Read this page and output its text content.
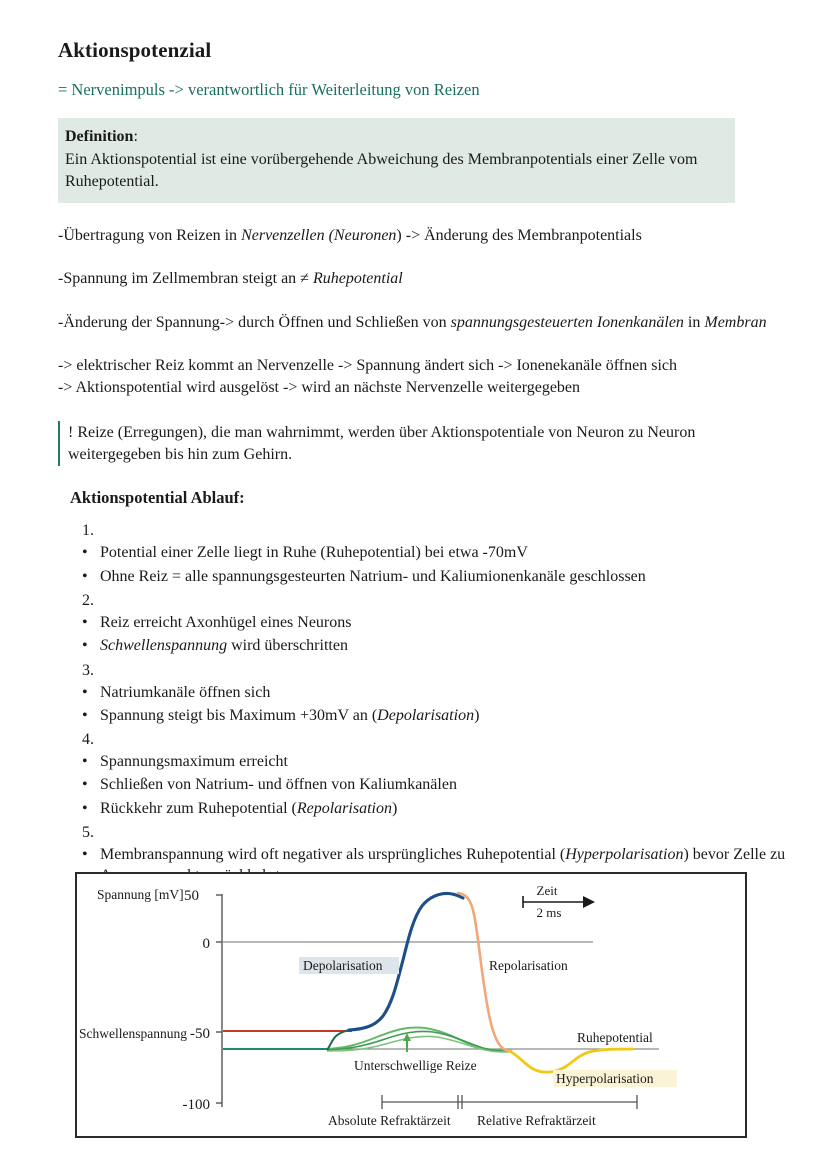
Aktionspotenzial

= Nervenimpuls -> verantwortlich für Weiterleitung von Reizen

Definition:
Ein Aktionspotential ist eine vorübergehende Abweichung des Membranpotentials einer Zelle vom Ruhepotential.

-Übertragung von Reizen in Nervenzellen (Neuronen) -> Änderung des Membranpotentials

-Spannung im Zellmembran steigt an ≠ Ruhepotential

-Änderung der Spannung-> durch Öffnen und Schließen von spannungsgesteuerten Ionenkanälen in Membran

-> elektrischer Reiz kommt an Nervenzelle -> Spannung ändert sich -> Ionenekanäle öffnen sich
-> Aktionspotential wird ausgelöst -> wird an nächste Nervenzelle weitergegeben

! Reize (Erregungen), die man wahrnimmt, werden über Aktionspotentiale von Neuron zu Neuron weitergegeben bis hin zum Gehirn.
Aktionspotential Ablauf:
1.
• Potential einer Zelle liegt in Ruhe (Ruhepotential) bei etwa -70mV
• Ohne Reiz = alle spannungsgesteurten Natrium- und Kaliumionenkanäle geschlossen
2.
• Reiz erreicht Axonhügel eines Neurons
• Schwellenspannung wird überschritten
3.
• Natriumkanäle öffnen sich
• Spannung steigt bis Maximum +30mV an (Depolarisation)
4.
• Spannungsmaximum erreicht
• Schließen von Natrium- und öffnen von Kaliumkanälen
• Rückkehr zum Ruhepotential (Repolarisation)
5.
• Membranspannung wird oft negativer als ursprüngliches Ruhepotential (Hyperpolarisation) bevor Zelle zu
Spannung [mV] 50
0
-50
-100
Schwellenspannung
Depolarisation	Repolarisation
Ruhepotential
Hyperpolarisation
Unterschwellige Reize
Zeit
2 ms
Absolute Refraktärzeit Relative Refraktärzeit
